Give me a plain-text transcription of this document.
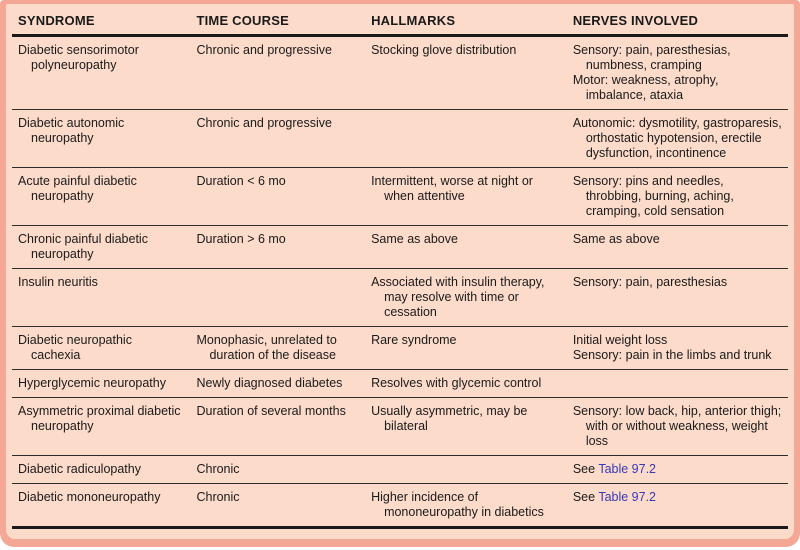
SYNDROME	TIME COURSE	HALLMARKS	NERVES INVOLVED

Diabetic sensorimotor polyneuropathy	Chronic and progressive	Stocking glove distribution	Sensory: pain, paresthesias, numbness, cramping
Motor: weakness, atrophy, imbalance, ataxia

Diabetic autonomic neuropathy	Chronic and progressive		Autonomic: dysmotility, gastroparesis, orthostatic hypotension, erectile dysfunction, incontinence

Acute painful diabetic neuropathy	Duration < 6 mo	Intermittent, worse at night or when attentive	Sensory: pins and needles, throbbing, burning, aching, cramping, cold sensation

Chronic painful diabetic neuropathy	Duration > 6 mo	Same as above	Same as above

Insulin neuritis		Associated with insulin therapy, may resolve with time or cessation	Sensory: pain, paresthesias

Diabetic neuropathic cachexia	Monophasic, unrelated to duration of the disease	Rare syndrome	Initial weight loss
Sensory: pain in the limbs and trunk

Hyperglycemic neuropathy	Newly diagnosed diabetes	Resolves with glycemic control	

Asymmetric proximal diabetic neuropathy	Duration of several months	Usually asymmetric, may be bilateral	Sensory: low back, hip, anterior thigh; with or without weakness, weight loss

Diabetic radiculopathy	Chronic		See Table 97.2

Diabetic mononeuropathy	Chronic	Higher incidence of mononeuropathy in diabetics	See Table 97.2
